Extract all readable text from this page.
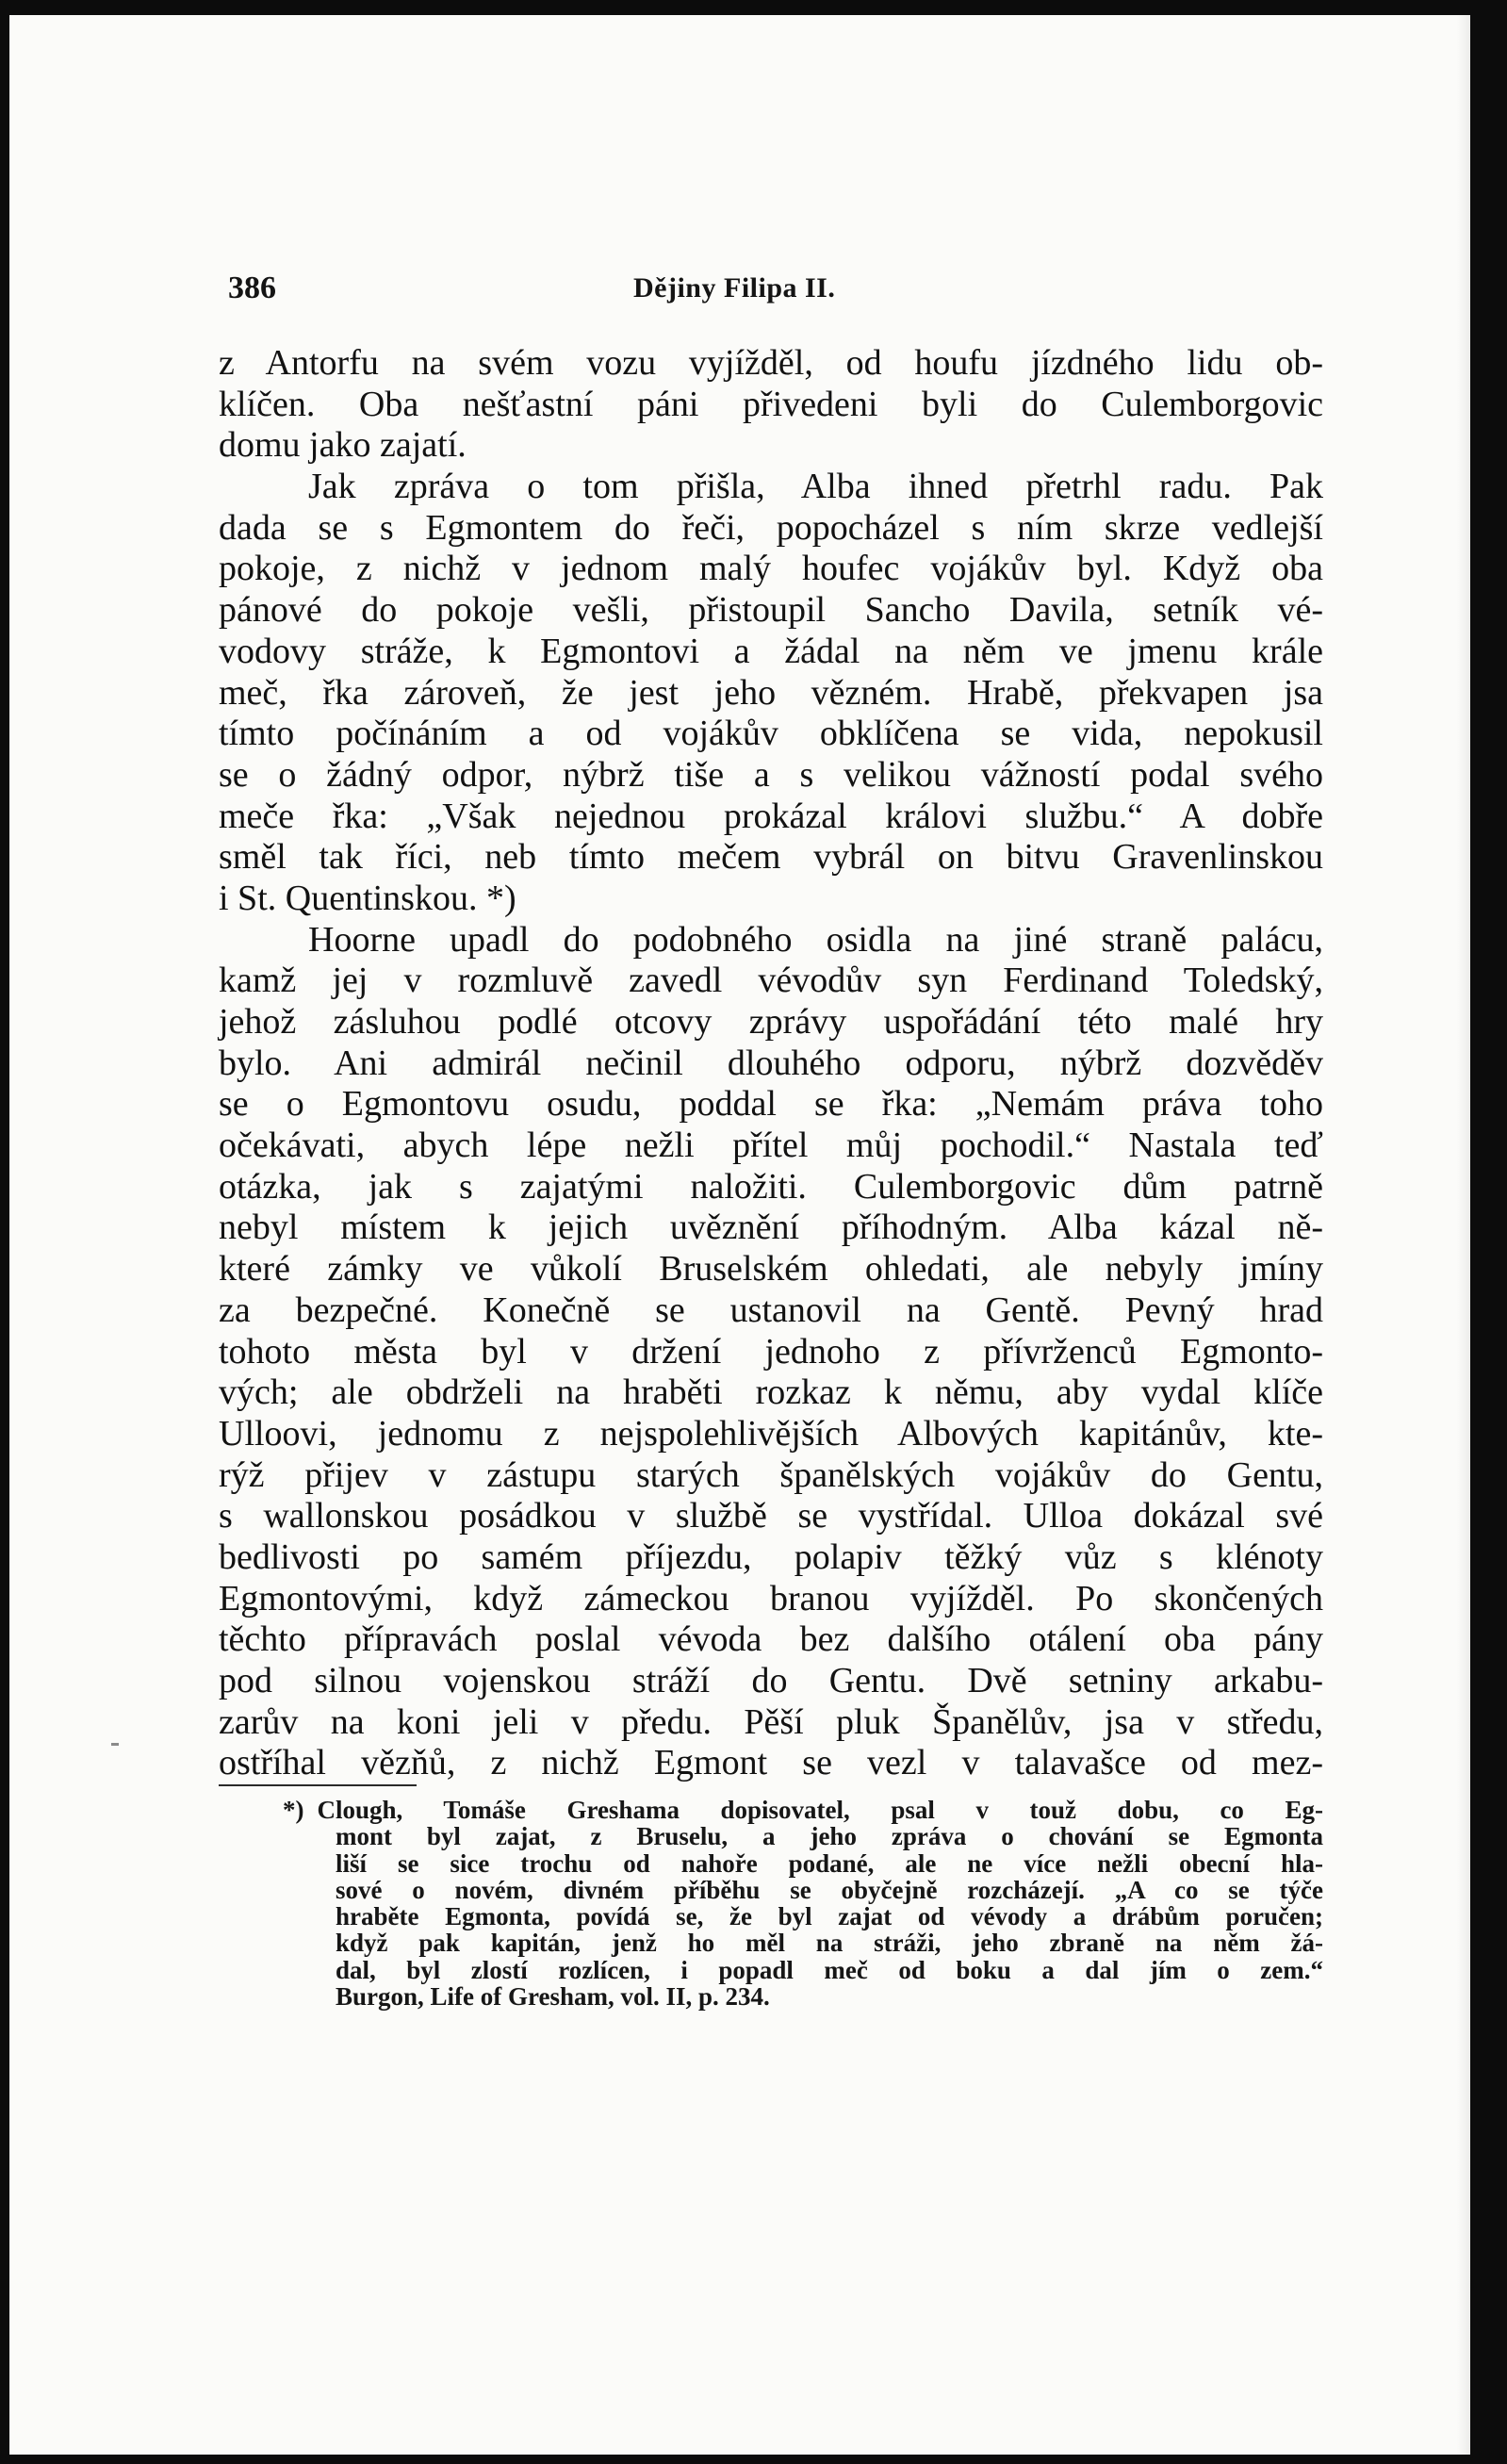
386	Dějiny Filipa II.
z Antorfu na svém vozu vyjížděl, od houfu jízdného lidu ob-
klíčen. Oba nešťastní páni přivedeni byli do Culemborgovic
domu jako zajatí.
Jak zpráva o tom přišla, Alba ihned přetrhl radu. Pak
dada se s Egmontem do řeči, popocházel s ním skrze vedlejší
pokoje, z nichž v jednom malý houfec vojákův byl. Když oba
pánové do pokoje vešli, přistoupil Sancho Davila, setník vé-
vodovy stráže, k Egmontovi a žádal na něm ve jmenu krále
meč, řka zároveň, že jest jeho vězném. Hrabě, překvapen jsa
tímto počínáním a od vojákův obklíčena se vida, nepokusil
se o žádný odpor, nýbrž tiše a s velikou vážností podal svého
meče řka: „Však nejednou prokázal královi službu.“ A dobře
směl tak říci, neb tímto mečem vybrál on bitvu Gravenlinskou
i St. Quentinskou. *)
Hoorne upadl do podobného osidla na jiné straně palácu,
kamž jej v rozmluvě zavedl vévodův syn Ferdinand Toledský,
jehož zásluhou podlé otcovy zprávy uspořádání této malé hry
bylo. Ani admirál nečinil dlouhého odporu, nýbrž dozvěděv
se o Egmontovu osudu, poddal se řka: „Nemám práva toho
očekávati, abych lépe nežli přítel můj pochodil.“ Nastala teď
otázka, jak s zajatými naložiti. Culemborgovic dům patrně
nebyl místem k jejich uvěznění příhodným. Alba kázal ně-
které zámky ve vůkolí Bruselském ohledati, ale nebyly jmíny
za bezpečné. Konečně se ustanovil na Gentě. Pevný hrad
tohoto města byl v držení jednoho z přívrženců Egmonto-
vých; ale obdrželi na hraběti rozkaz k němu, aby vydal klíče
Ulloovi, jednomu z nejspolehlivějších Albových kapitánův, kte-
rýž přijev v zástupu starých španělských vojákův do Gentu,
s wallonskou posádkou v službě se vystřídal. Ulloa dokázal své
bedlivosti po samém příjezdu, polapiv těžký vůz s klénoty
Egmontovými, když zámeckou branou vyjížděl. Po skončených
těchto přípravách poslal vévoda bez dalšího otálení oba pány
pod silnou vojenskou stráží do Gentu. Dvě setniny arkabu-
zarův na koni jeli v předu. Pěší pluk Španělův, jsa v středu,
ostříhal vězňů, z nichž Egmont se vezl v talavašce od mez-
*) Clough, Tomáše Greshama dopisovatel, psal v touž dobu, co Eg-
mont byl zajat, z Bruselu, a jeho zpráva o chování se Egmonta
liší se sice trochu od nahoře podané, ale ne více nežli obecní hla-
sové o novém, divném příběhu se obyčejně rozcházejí. „A co se týče
hraběte Egmonta, povídá se, že byl zajat od vévody a drábům poručen;
když pak kapitán, jenž ho měl na stráži, jeho zbraně na něm žá-
dal, byl zlostí rozlícen, i popadl meč od boku a dal jím o zem.“
Burgon, Life of Gresham, vol. II, p. 234.
